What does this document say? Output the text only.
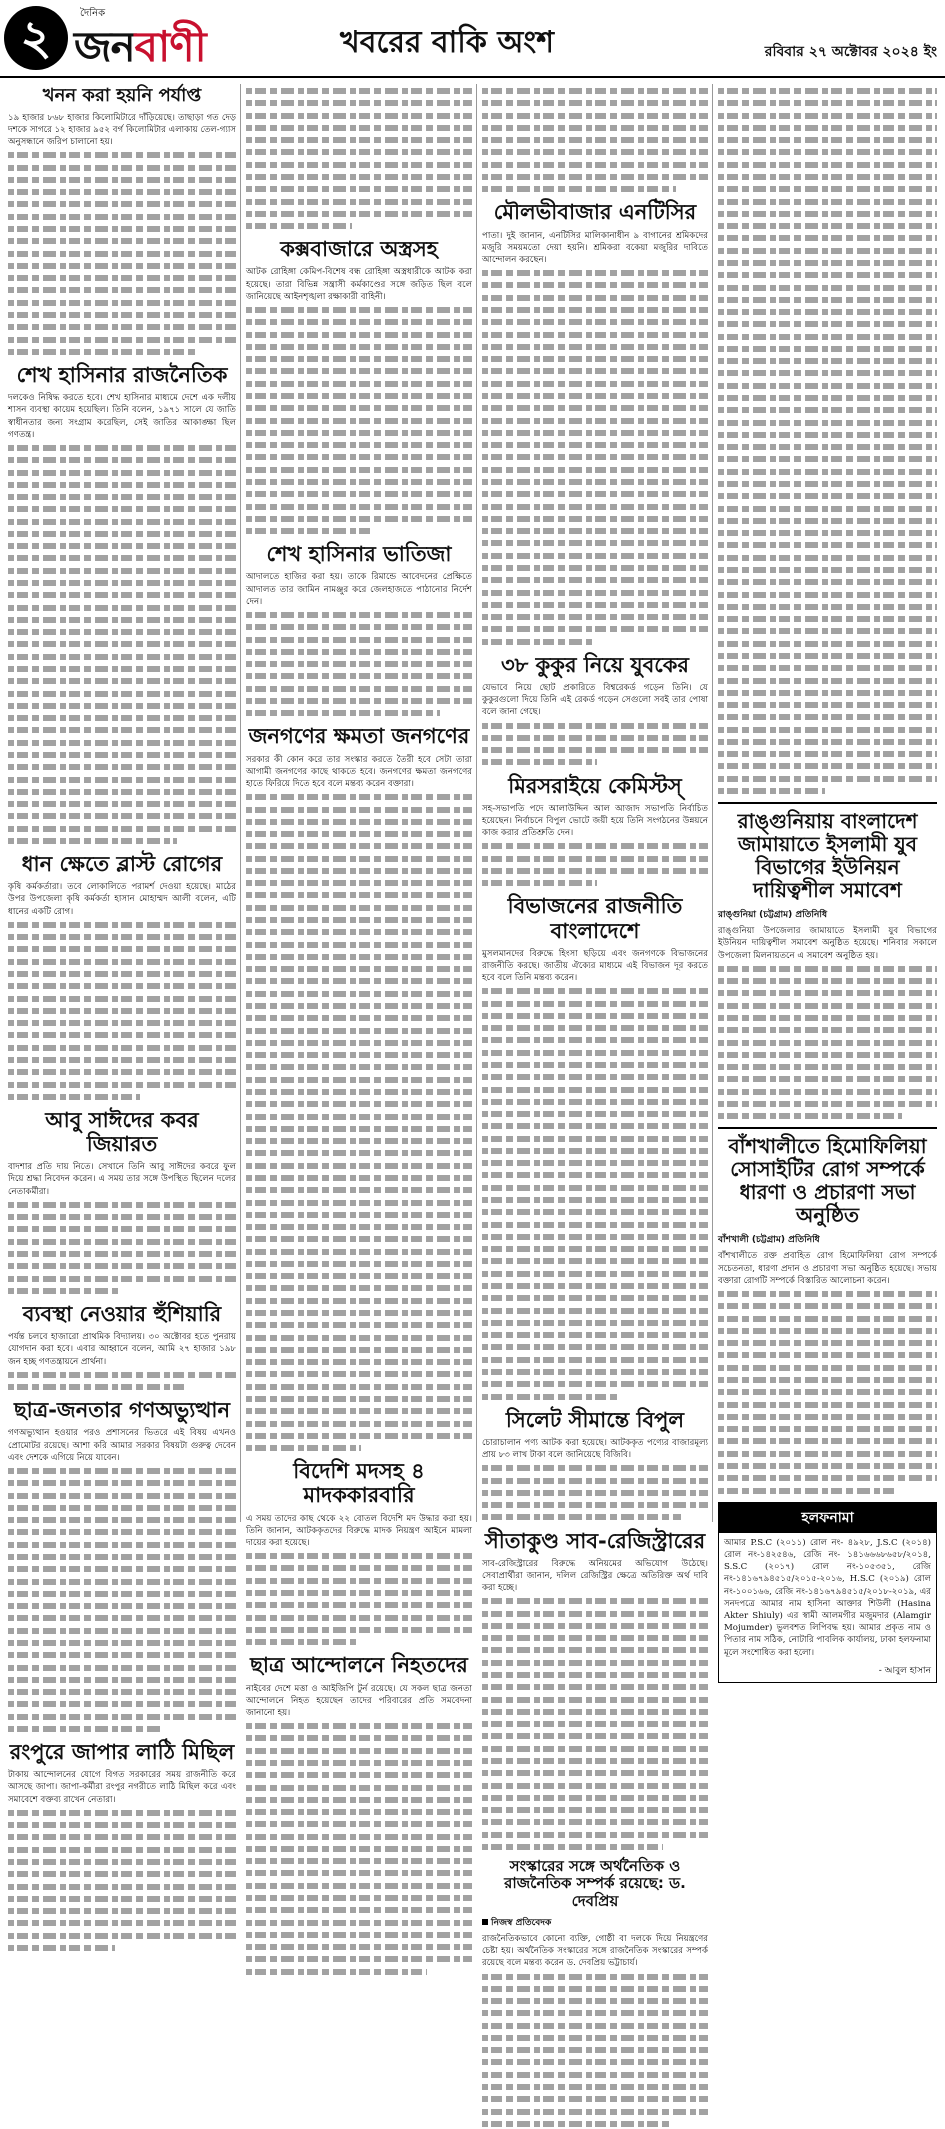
২	দৈনিক
জনবাণী	খবরের বাকি অংশ	রবিবার ২৭ অক্টোবর ২০২৪ ইং
খনন করা হয়নি পর্যাপ্ত
১৯ হাজার ৮৬৮ হাজার কিলোমিটারে দাঁড়িয়েছে। তাছাড়া গত দেড় দশকে সাগরে ১২ হাজার ৯৫২ বর্গ কিলোমিটার এলাকায় তেল-গ্যাস অনুসন্ধানে জরিপ চালানো হয়।
শেখ হাসিনার রাজনৈতিক
দলকেও নিষিদ্ধ করতে হবে। শেখ হাসিনার মাধ্যমে দেশে এক দলীয় শাসন ব্যবস্থা কায়েম হয়েছিল। তিনি বলেন, ১৯৭১ সালে যে জাতি স্বাধীনতার জন্য সংগ্রাম করেছিল, সেই জাতির আকাঙ্ক্ষা ছিল গণতন্ত্র।
ধান ক্ষেতে ব্লাস্ট রোগের
কৃষি কর্মকর্তারা। তবে লোকালিতে পরামর্শ দেওয়া হয়েছে। মাঠের উপর উপজেলা কৃষি কর্মকর্তা হাসান মোহাম্মদ আলী বলেন, এটি ধানের একটি রোগ।
আবু সাঈদের কবর জিয়ারত
বাদশার প্রতি দায় নিতে। সেখানে তিনি আবু সাঈদের কবরে ফুল দিয়ে শ্রদ্ধা নিবেদন করেন। এ সময় তার সঙ্গে উপস্থিত ছিলেন দলের নেতাকর্মীরা।
ব্যবস্থা নেওয়ার হুঁশিয়ারি
পর্যন্ত চলবে হাজারো প্রাথমিক বিদ্যালয়। ৩০ অক্টোবর হতে পুনরায় যোগদান করা হবে। এবার আহ্বানে বলেন, আমি ২৭ হাজার ১৯৮ জন হচ্ছ গণতন্ত্রায়নে প্রার্থনা।
ছাত্র-জনতার গণঅভ্যুত্থান
গণঅভ্যুত্থান হওয়ার পরও প্রশাসনের ভিতরে এই বিষয় এখনও প্রোমোটর রয়েছে। আশা করি আমার সরকার বিষয়টা গুরুত্ব দেবেন এবং দেশকে এগিয়ে নিয়ে যাবেন।
রংপুরে জাপার লাঠি মিছিল
টাকায় আন্দোলনের যোগে বিগত সরকারের সময় রাজনীতি করে আসছে জাপা। জাপা-কর্মীরা রংপুর নগরীতে লাঠি মিছিল করে এবং সমাবেশে বক্তব্য রাখেন নেতারা।
কক্সবাজারে অস্ত্রসহ
আটক রোহিঙ্গা কেমিপ-বিশেষ বন্ধ রোহিঙ্গা অস্ত্রধারীকে আটক করা হয়েছে। তারা বিভিন্ন সন্ত্রাসী কর্মকাণ্ডের সঙ্গে জড়িত ছিল বলে জানিয়েছে আইনশৃঙ্খলা রক্ষাকারী বাহিনী।
শেখ হাসিনার ভাতিজা
আদালতে হাজির করা হয়। তাকে রিমান্ডে আবেদনের প্রেক্ষিতে আদালত তার জামিন নামঞ্জুর করে জেলহাজতে পাঠানোর নির্দেশ দেন।
জনগণের ক্ষমতা জনগণের
সরকার কী কোন করে তার সংস্কার করতে তৈরী হবে সেটা তারা আগামী জনগণের কাছে থাকতে হবে। জনগণের ক্ষমতা জনগণের হাতে ফিরিয়ে দিতে হবে বলে মন্তব্য করেন বক্তারা।
বিদেশি মদসহ ৪ মাদককারবারি
এ সময় তাদের কাছ থেকে ২২ বোতল বিদেশি মদ উদ্ধার করা হয়। তিনি জানান, আটককৃতদের বিরুদ্ধে মাদক নিয়ন্ত্রণ আইনে মামলা দায়ের করা হয়েছে।
ছাত্র আন্দোলনে নিহতদের
নাইবের দেশে মত্তা ও আইজিপি টুর্ন রয়েছে। যে সকল ছাত্র জনতা আন্দোলনে নিহত হয়েছেন তাদের পরিবারের প্রতি সমবেদনা জানানো হয়।
মৌলভীবাজার এনটিসির
পাতা। দুই জানান, এনটিসির মালিকানাধীন ৯ বাগানের শ্রমিকদের মজুরি সময়মতো দেয়া হয়নি। শ্রমিকরা বকেয়া মজুরির দাবিতে আন্দোলন করছেন।
৩৮ কুকুর নিয়ে যুবকের
যেভাবে নিয়ে ছোট প্রকারিতে বিশ্বরেকর্ড গড়েন তিনি। যে কুকুরগুলো দিয়ে তিনি এই রেকর্ড গড়েন সেগুলো সবই তার পোষা বলে জানা গেছে।
মিরসরাইয়ে কেমিস্টস্
সহ-সভাপতি পদে আলাউদ্দিন আল আজাদ সভাপতি নির্বাচিত হয়েছেন। নির্বাচনে বিপুল ভোটে জয়ী হয়ে তিনি সংগঠনের উন্নয়নে কাজ করার প্রতিশ্রুতি দেন।
বিভাজনের রাজনীতি বাংলাদেশে
মুসলমানদের বিরুদ্ধে হিংসা ছড়িয়ে এবং জনগণকে বিভাজনের রাজনীতি করছে। জাতীয় ঐক্যের মাধ্যমে এই বিভাজন দূর করতে হবে বলে তিনি মন্তব্য করেন।
সিলেট সীমান্তে বিপুল
চোরাচালান পণ্য আটক করা হয়েছে। আটককৃত পণ্যের বাজারমূল্য প্রায় ৮৩ লাখ টাকা বলে জানিয়েছে বিজিবি।
সীতাকুণ্ড সাব-রেজিস্ট্রারের
সাব-রেজিস্ট্রারের বিরুদ্ধে অনিয়মের অভিযোগ উঠেছে। সেবাপ্রার্থীরা জানান, দলিল রেজিস্ট্রির ক্ষেত্রে অতিরিক্ত অর্থ দাবি করা হচ্ছে।
সংস্কারের সঙ্গে অর্থনৈতিক ও রাজনৈতিক সম্পর্ক রয়েছে: ড. দেবপ্রিয়
নিজস্ব প্রতিবেদক
রাজনৈতিকভাবে কোনো ব্যক্তি, গোষ্ঠী বা দলকে দিয়ে নিয়ন্ত্রণের চেষ্টা হয়। অর্থনৈতিক সংস্কারের সঙ্গে রাজনৈতিক সংস্কারের সম্পর্ক রয়েছে বলে মন্তব্য করেন ড. দেবপ্রিয় ভট্টাচার্য।
রাঙ্গুনিয়ায় বাংলাদেশ জামায়াতে ইসলামী যুব বিভাগের ইউনিয়ন দায়িত্বশীল সমাবেশ
রাঙ্গুনিয়া (চট্টগ্রাম) প্রতিনিধি
রাঙ্গুনিয়া উপজেলার জামায়াতে ইসলামী যুব বিভাগের ইউনিয়ন দায়িত্বশীল সমাবেশ অনুষ্ঠিত হয়েছে। শনিবার সকালে উপজেলা মিলনায়তনে এ সমাবেশ অনুষ্ঠিত হয়।
বাঁশখালীতে হিমোফিলিয়া সোসাইটির রোগ সম্পর্কে ধারণা ও প্রচারণা সভা অনুষ্ঠিত
বাঁশখালী (চট্টগ্রাম) প্রতিনিধি
বাঁশখালীতে রক্ত প্রবাহিত রোগ হিমোফিলিয়া রোগ সম্পর্কে সচেতনতা, ধারণা প্রদান ও প্রচারণা সভা অনুষ্ঠিত হয়েছে। সভায় বক্তারা রোগটি সম্পর্কে বিস্তারিত আলোচনা করেন।
হলফনামা
আমার P.S.C (২০১১) রোল নং- ৪৯২৮, J.S.C (২০১৪) রোল নং-১৪২৫৪৬, রেজি নং- ১৪১৬৬৬৮৬৫৮/২০১৪, S.S.C (২০১৭) রোল নং-১০৫৩৫১, রেজি নং-১৪১৬৭৯৪৫১৫/২০১৫-২০১৬, H.S.C (২০১৯) রোল নং-১০০১৬৬, রেজি নং-১৪১৬৭৯৪৫১৫/২০১৮-২০১৯, এর সনদপত্রে আমার নাম হাসিনা আক্তার শিউলী (Hasina Akter Shiuly) এর স্বামী আলমগীর মজুমদার (Alamgir Mojumder) ভুলবশত লিপিবদ্ধ হয়। আমার প্রকৃত নাম ও পিতার নাম সঠিক, নোটারি পাবলিক কার্যালয়, ঢাকা হলফনামা মূলে সংশোধিত করা হলো।
- আবুল হাসান
